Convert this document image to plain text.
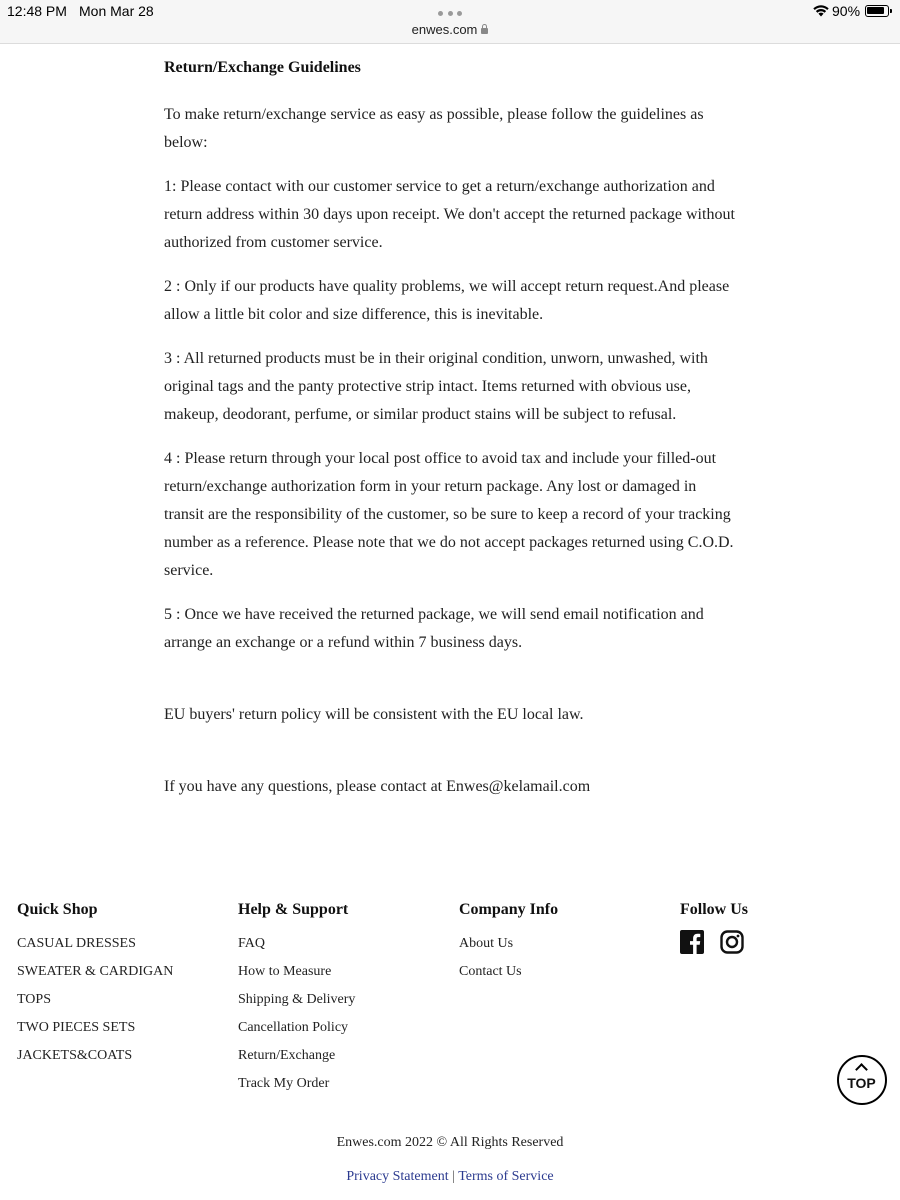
12:48 PM Mon Mar 28
enwes.com
90%
Return/Exchange Guidelines

To make return/exchange service as easy as possible, please follow the guidelines as below:

1: Please contact with our customer service to get a return/exchange authorization and return address within 30 days upon receipt. We don't accept the returned package without authorized from customer service.

2 : Only if our products have quality problems, we will accept return request.And please allow a little bit color and size difference, this is inevitable.

3 : All returned products must be in their original condition, unworn, unwashed, with original tags and the panty protective strip intact. Items returned with obvious use, makeup, deodorant, perfume, or similar product stains will be subject to refusal.

4 : Please return through your local post office to avoid tax and include your filled-out return/exchange authorization form in your return package. Any lost or damaged in transit are the responsibility of the customer, so be sure to keep a record of your tracking number as a reference. Please note that we do not accept packages returned using C.O.D. service.

5 : Once we have received the returned package, we will send email notification and arrange an exchange or a refund within 7 business days.

EU buyers' return policy will be consistent with the EU local law.

If you have any questions, please contact at Enwes@kelamail.com

Quick Shop
CASUAL DRESSES
SWEATER & CARDIGAN
TOPS
TWO PIECES SETS
JACKETS&COATS
Help & Support
FAQ
How to Measure
Shipping & Delivery
Cancellation Policy
Return/Exchange
Track My Order
Company Info
About Us
Contact Us
Follow Us
TOP
Enwes.com 2022 © All Rights Reserved
Privacy Statement | Terms of Service
